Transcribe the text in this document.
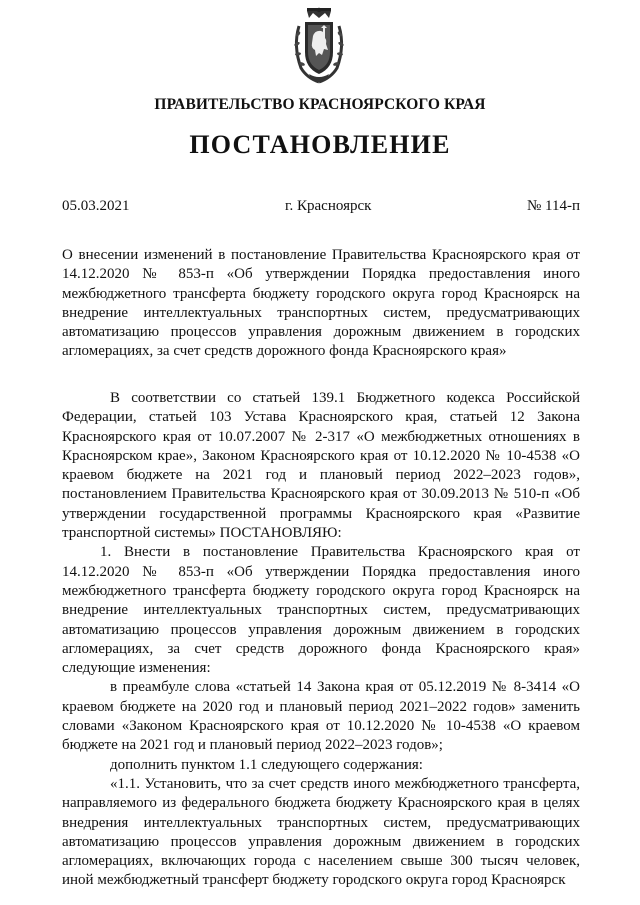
ПРАВИТЕЛЬСТВО КРАСНОЯРСКОГО КРАЯ
ПОСТАНОВЛЕНИЕ
05.03.2021	г. Красноярск	№ 114-п
О внесении изменений в постановление Правительства Красноярского края от 14.12.2020 № 853-п «Об утверждении Порядка предоставления иного межбюджетного трансферта бюджету городского округа город Красноярск на внедрение интеллектуальных транспортных систем, предусматривающих автоматизацию процессов управления дорожным движением в городских агломерациях, за счет средств дорожного фонда Красноярского края»

В соответствии со статьей 139.1 Бюджетного кодекса Российской Федерации, статьей 103 Устава Красноярского края, статьей 12 Закона Красноярского края от 10.07.2007 № 2-317 «О межбюджетных отношениях в Красноярском крае», Законом Красноярского края от 10.12.2020 № 10-4538 «О краевом бюджете на 2021 год и плановый период 2022–2023 годов», постановлением Правительства Красноярского края от 30.09.2013 № 510-п «Об утверждении государственной программы Красноярского края «Развитие транспортной системы» ПОСТАНОВЛЯЮ:

1. Внести в постановление Правительства Красноярского края от 14.12.2020 № 853-п «Об утверждении Порядка предоставления иного межбюджетного трансферта бюджету городского округа город Красноярск на внедрение интеллектуальных транспортных систем, предусматривающих автоматизацию процессов управления дорожным движением в городских агломерациях, за счет средств дорожного фонда Красноярского края» следующие изменения:

в преамбуле слова «статьей 14 Закона края от 05.12.2019 № 8-3414 «О краевом бюджете на 2020 год и плановый период 2021–2022 годов» заменить словами «Законом Красноярского края от 10.12.2020 № 10-4538 «О краевом бюджете на 2021 год и плановый период 2022–2023 годов»;

дополнить пунктом 1.1 следующего содержания:

«1.1. Установить, что за счет средств иного межбюджетного трансферта, направляемого из федерального бюджета бюджету Красноярского края в целях внедрения интеллектуальных транспортных систем, предусматривающих автоматизацию процессов управления дорожным движением в городских агломерациях, включающих города с населением свыше 300 тысяч человек, иной межбюджетный трансферт бюджету городского округа город Красноярск
